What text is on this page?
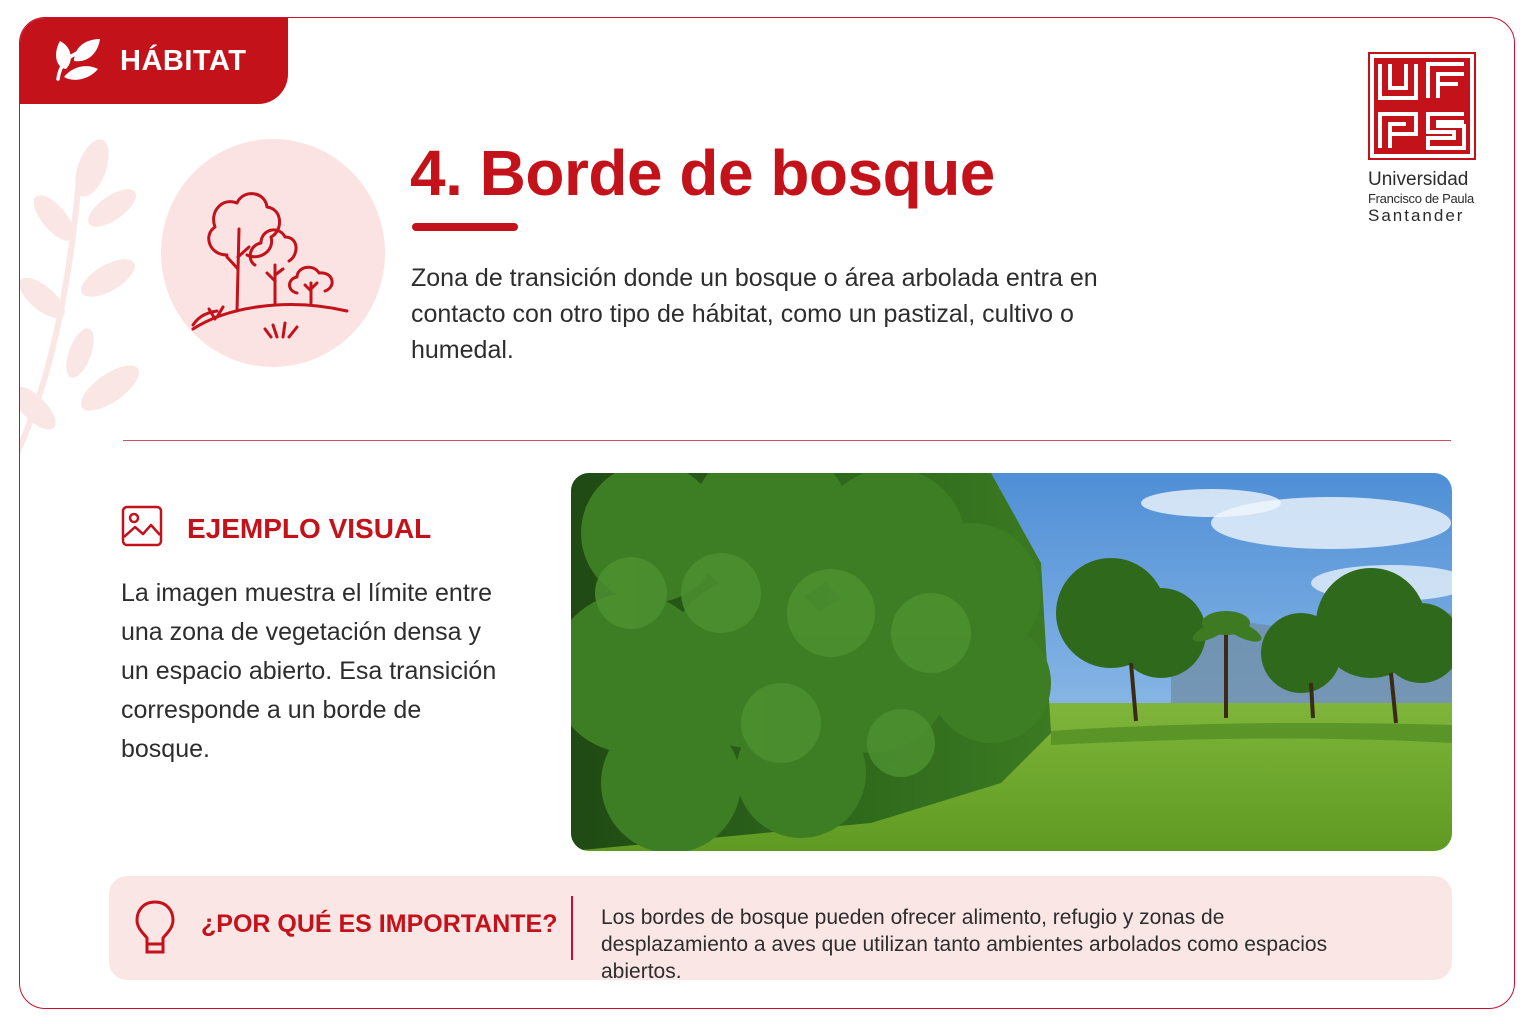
HÁBITAT
4. Borde de bosque

Zona de transición donde un bosque o área arbolada entra en contacto con otro tipo de hábitat, como un pastizal, cultivo o humedal.

Universidad
Francisco de Paula
Santander
EJEMPLO VISUAL

La imagen muestra el límite entre una zona de vegetación densa y un espacio abierto. Esa transición corresponde a un borde de bosque.

¿POR QUÉ ES IMPORTANTE? Los bordes de bosque pueden ofrecer alimento, refugio y zonas de desplazamiento a aves que utilizan tanto ambientes arbolados como espacios abiertos.
